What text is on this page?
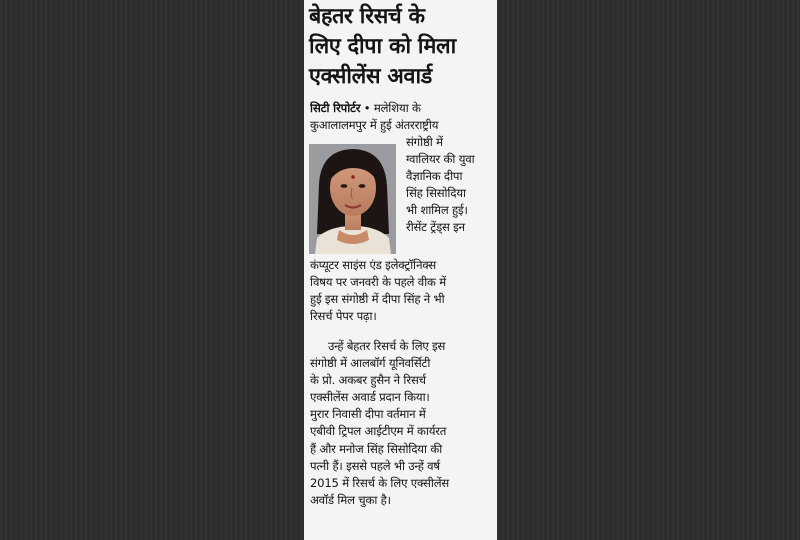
बेहतर रिसर्च के
लिए दीपा को मिला
एक्सीलेंस अवार्ड
सिटी रिपोर्टर • मलेशिया के
कुआलालमपुर में हुई अंतरराष्ट्रीय
संगोष्ठी में
ग्वालियर की युवा
वैज्ञानिक दीपा
सिंह सिसोदिया
भी शामिल हुई।
रीसेंट ट्रेंड्स इन
कंप्यूटर साइंस एंड इलेक्ट्रॉनिक्स
विषय पर जनवरी के पहले वीक में
हुई इस संगोष्ठी में दीपा सिंह ने भी
रिसर्च पेपर पढ़ा।
उन्हें बेहतर रिसर्च के लिए इस
संगोष्ठी में आलबॉर्ग यूनिवर्सिटी
के प्रो. अकबर हुसैन ने रिसर्च
एक्सीलेंस अवार्ड प्रदान किया।
मुरार निवासी दीपा वर्तमान में
एबीवी ट्रिपल आईटीएम में कार्यरत
हैं और मनोज सिंह सिसोदिया की
पत्नी हैं। इससे पहले भी उन्हें वर्ष
2015 में रिसर्च के लिए एक्सीलेंस
अवॉर्ड मिल चुका है।
